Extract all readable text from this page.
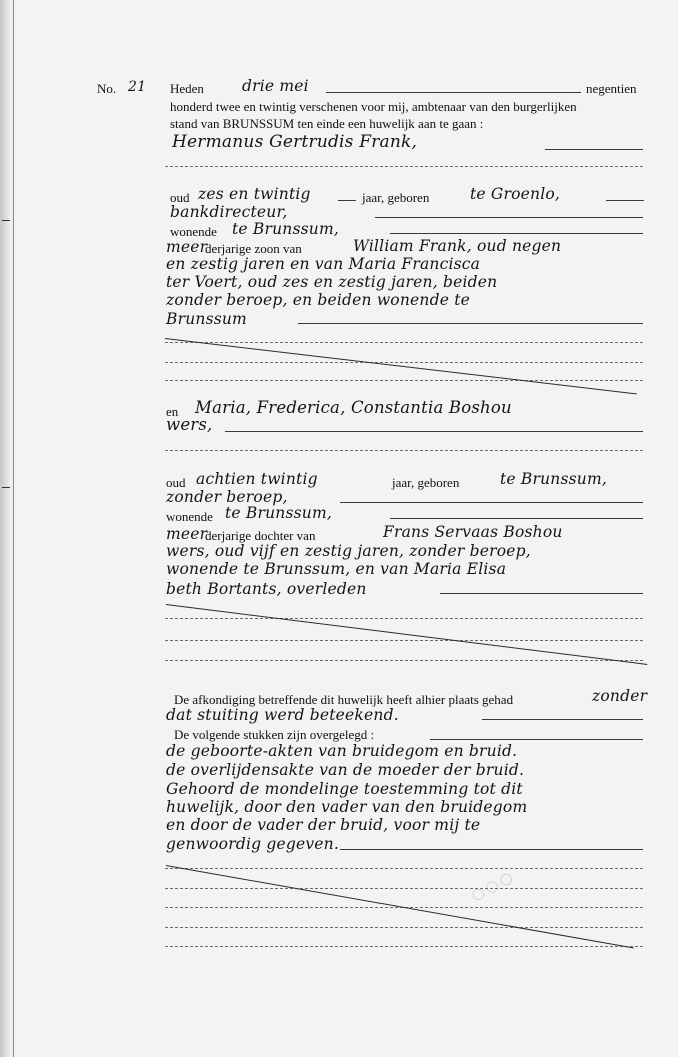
◯ ◯ ◯
No. 21 Heden drie mei	negentien
honderd twee en twintig verschenen voor mij, ambtenaar van den burgerlijken
stand van BRUNSSUM ten einde een huwelijk aan te gaan :
Hermanus Gertrudis Frank,
oud zes en twintig	jaar, geboren	te Groenlo,
bankdirecteur,
wonende te Brunssum,
meer
derjarige zoon van	William Frank, oud negen
en zestig jaren en van Maria Francisca
ter Voert, oud zes en zestig jaren, beiden
zonder beroep, en beiden wonende te
Brunssum
en Maria, Frederica, Constantia Boshou
wers,
oud achtien twintig	jaar, geboren	te Brunssum,
zonder beroep,
wonende te Brunssum,
meer
derjarige dochter van	Frans Servaas Boshou
wers, oud vijf en zestig jaren, zonder beroep,
wonende te Brunssum, en van Maria Elisa
beth Bortants, overleden
De afkondiging betreffende dit huwelijk heeft alhier plaats gehad	zonder
dat stuiting werd beteekend.
De volgende stukken zijn overgelegd :
de geboorte-akten van bruidegom en bruid.
de overlijdensakte van de moeder der bruid.
Gehoord de mondelinge toestemming tot dit
huwelijk, door den vader van den bruidegom
en door de vader der bruid, voor mij te
genwoordig gegeven.
